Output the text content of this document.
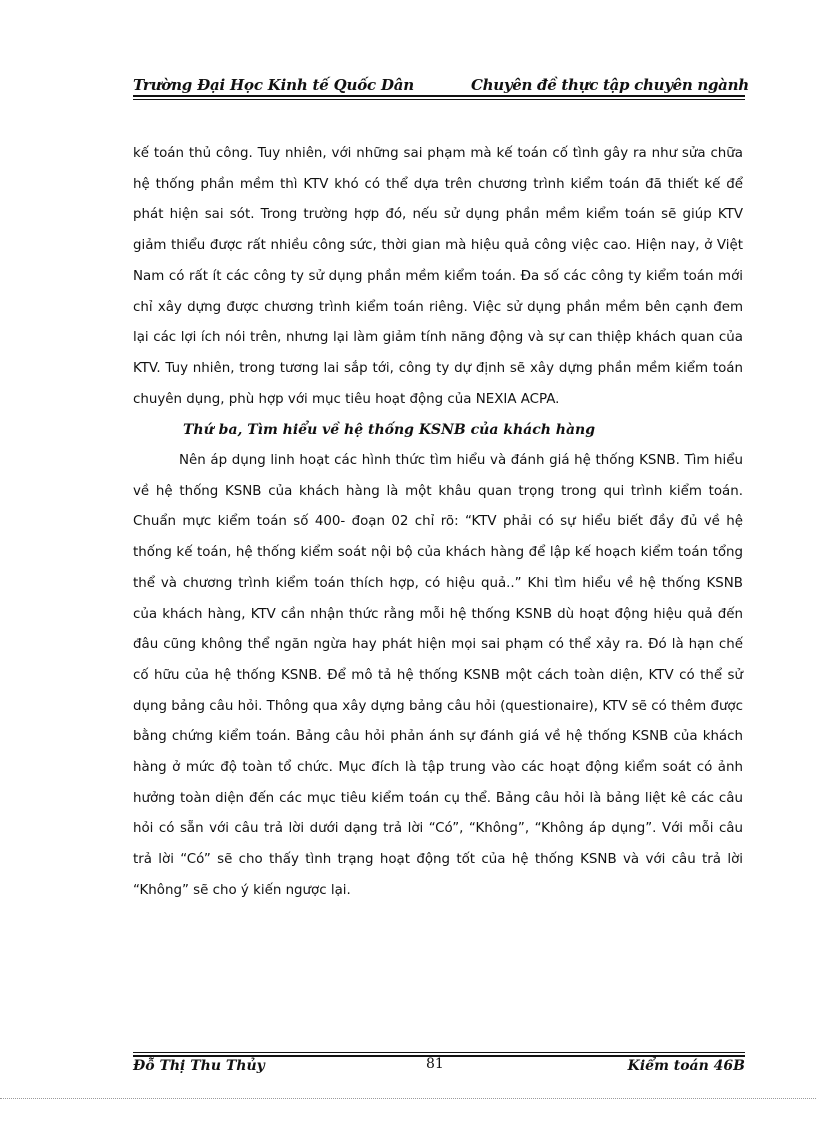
Trường Đại Học Kinh tế Quốc Dân	Chuyên đề thực tập chuyên ngành

kế toán thủ công. Tuy nhiên, với những sai phạm mà kế toán cố tình gây ra như sửa chữa hệ thống phần mềm thì KTV khó có thể dựa trên chương trình kiểm toán đã thiết kế để phát hiện sai sót. Trong trường hợp đó, nếu sử dụng phần mềm kiểm toán sẽ giúp KTV giảm thiểu được rất nhiều công sức, thời gian mà hiệu quả công việc cao. Hiện nay, ở Việt Nam có rất ít các công ty sử dụng phần mềm kiểm toán. Đa số các công ty kiểm toán mới chỉ xây dựng được chương trình kiểm toán riêng. Việc sử dụng phần mềm bên cạnh đem lại các lợi ích nói trên, nhưng lại làm giảm tính năng động và sự can thiệp khách quan của KTV. Tuy nhiên, trong tương lai sắp tới, công ty dự định sẽ xây dựng phần mềm kiểm toán chuyên dụng, phù hợp với mục tiêu hoạt động của NEXIA ACPA.

Thứ ba, Tìm hiểu về hệ thống KSNB của khách hàng

Nên áp dụng linh hoạt các hình thức tìm hiểu và đánh giá hệ thống KSNB. Tìm hiểu về hệ thống KSNB của khách hàng là một khâu quan trọng trong qui trình kiểm toán. Chuẩn mực kiểm toán số 400- đoạn 02 chỉ rõ: “KTV phải có sự hiểu biết đầy đủ về hệ thống kế toán, hệ thống kiểm soát nội bộ của khách hàng để lập kế hoạch kiểm toán tổng thể và chương trình kiểm toán thích hợp, có hiệu quả..” Khi tìm hiểu về hệ thống KSNB của khách hàng, KTV cần nhận thức rằng mỗi hệ thống KSNB dù hoạt động hiệu quả đến đâu cũng không thể ngăn ngừa hay phát hiện mọi sai phạm có thể xảy ra. Đó là hạn chế cố hữu của hệ thống KSNB. Để mô tả hệ thống KSNB một cách toàn diện, KTV có thể sử dụng bảng câu hỏi. Thông qua xây dựng bảng câu hỏi (questionaire), KTV sẽ có thêm được bằng chứng kiểm toán. Bảng câu hỏi phản ánh sự đánh giá về hệ thống KSNB của khách hàng ở mức độ toàn tổ chức. Mục đích là tập trung vào các hoạt động kiểm soát có ảnh hưởng toàn diện đến các mục tiêu kiểm toán cụ thể. Bảng câu hỏi là bảng liệt kê các câu hỏi có sẵn với câu trả lời dưới dạng trả lời “Có”, “Không”, “Không áp dụng”. Với mỗi câu trả lời “Có” sẽ cho thấy tình trạng hoạt động tốt của hệ thống KSNB và với câu trả lời “Không” sẽ cho ý kiến ngược lại.

Đỗ Thị Thu Thủy	81	Kiểm toán 46B
